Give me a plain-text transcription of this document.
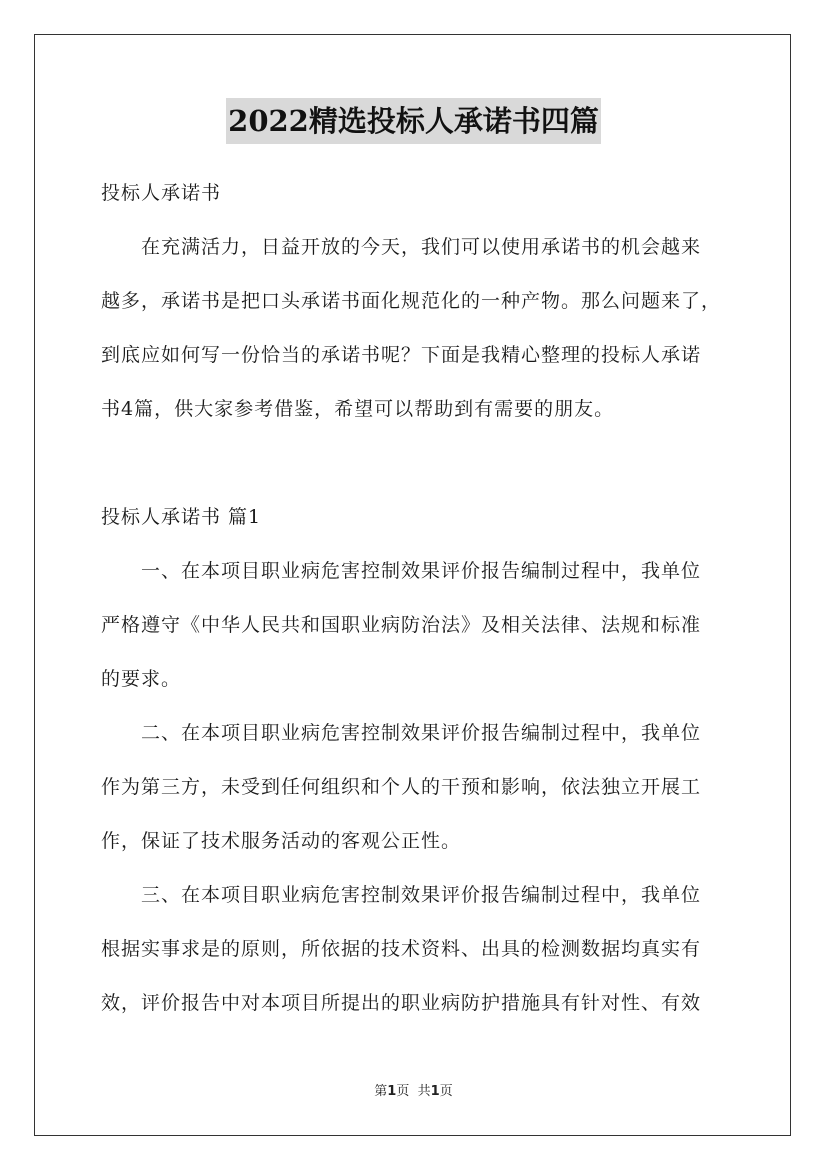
2022精选投标人承诺书四篇
投标人承诺书
　　在充满活力，日益开放的今天，我们可以使用承诺书的机会越来
越多，承诺书是把口头承诺书面化规范化的一种产物。那么问题来了，
到底应如何写一份恰当的承诺书呢？下面是我精心整理的投标人承诺
书4篇，供大家参考借鉴，希望可以帮助到有需要的朋友。
投标人承诺书 篇1
　　一、在本项目职业病危害控制效果评价报告编制过程中，我单位
严格遵守《中华人民共和国职业病防治法》及相关法律、法规和标准
的要求。
　　二、在本项目职业病危害控制效果评价报告编制过程中，我单位
作为第三方，未受到任何组织和个人的干预和影响，依法独立开展工
作，保证了技术服务活动的客观公正性。
　　三、在本项目职业病危害控制效果评价报告编制过程中，我单位
根据实事求是的原则，所依据的技术资料、出具的检测数据均真实有
效，评价报告中对本项目所提出的职业病防护措施具有针对性、有效
第1页 共1页
